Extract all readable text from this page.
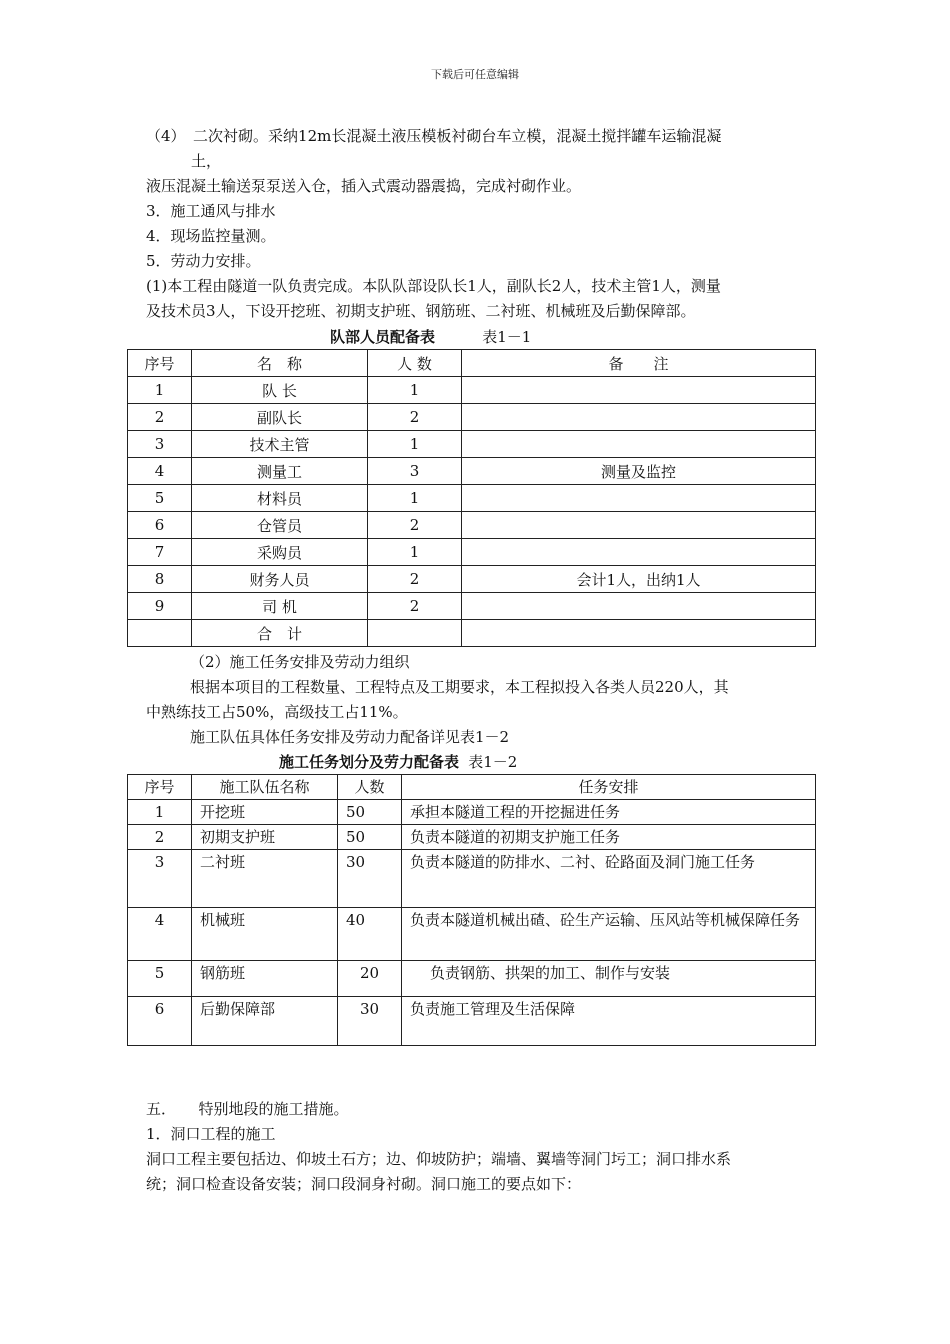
下载后可任意编辑
（4）　二次衬砌。采纳12m长混凝土液压模板衬砌台车立模，混凝土搅拌罐车运输混凝
　　　土，
液压混凝土输送泵泵送入仓，插入式震动器震捣，完成衬砌作业。
3．施工通风与排水
4．现场监控量测。
5．劳动力安排。
(1)本工程由隧道一队负责完成。本队队部设队长1人，副队长2人，技术主管1人，测量
及技术员3人，下设开挖班、初期支护班、钢筋班、二衬班、机械班及后勤保障部。
队部人员配备表	表1－1
序号	名　称	人 数	备　　注
1	队 长	1	
2	副队长	2	
3	技术主管	1	
4	测量工	3	测量及监控
5	材料员	1	
6	仓管员	2	
7	采购员	1	
8	财务人员	2	会计1人，出纳1人
9	司 机	2	
	合　计		
（2）施工任务安排及劳动力组织
根据本项目的工程数量、工程特点及工期要求，本工程拟投入各类人员220人，其
中熟练技工占50%，高级技工占11%。
施工队伍具体任务安排及劳动力配备详见表1－2
施工任务划分及劳力配备表 表1－2
序号	施工队伍名称	人数	任务安排
1	开挖班	50	承担本隧道工程的开挖掘进任务
2	初期支护班	50	负责本隧道的初期支护施工任务
3	二衬班	30	负责本隧道的防排水、二衬、砼路面及洞门施工任务
4	机械班	40	负责本隧道机械出碴、砼生产运输、压风站等机械保障任务
5	钢筋班	20	负责钢筋、拱架的加工、制作与安装
6	后勤保障部	30	负责施工管理及生活保障
五．　　特别地段的施工措施。
1．洞口工程的施工
洞口工程主要包括边、仰坡土石方；边、仰坡防护；端墙、翼墙等洞门圬工；洞口排水系
统；洞口检查设备安装；洞口段洞身衬砌。洞口施工的要点如下：
